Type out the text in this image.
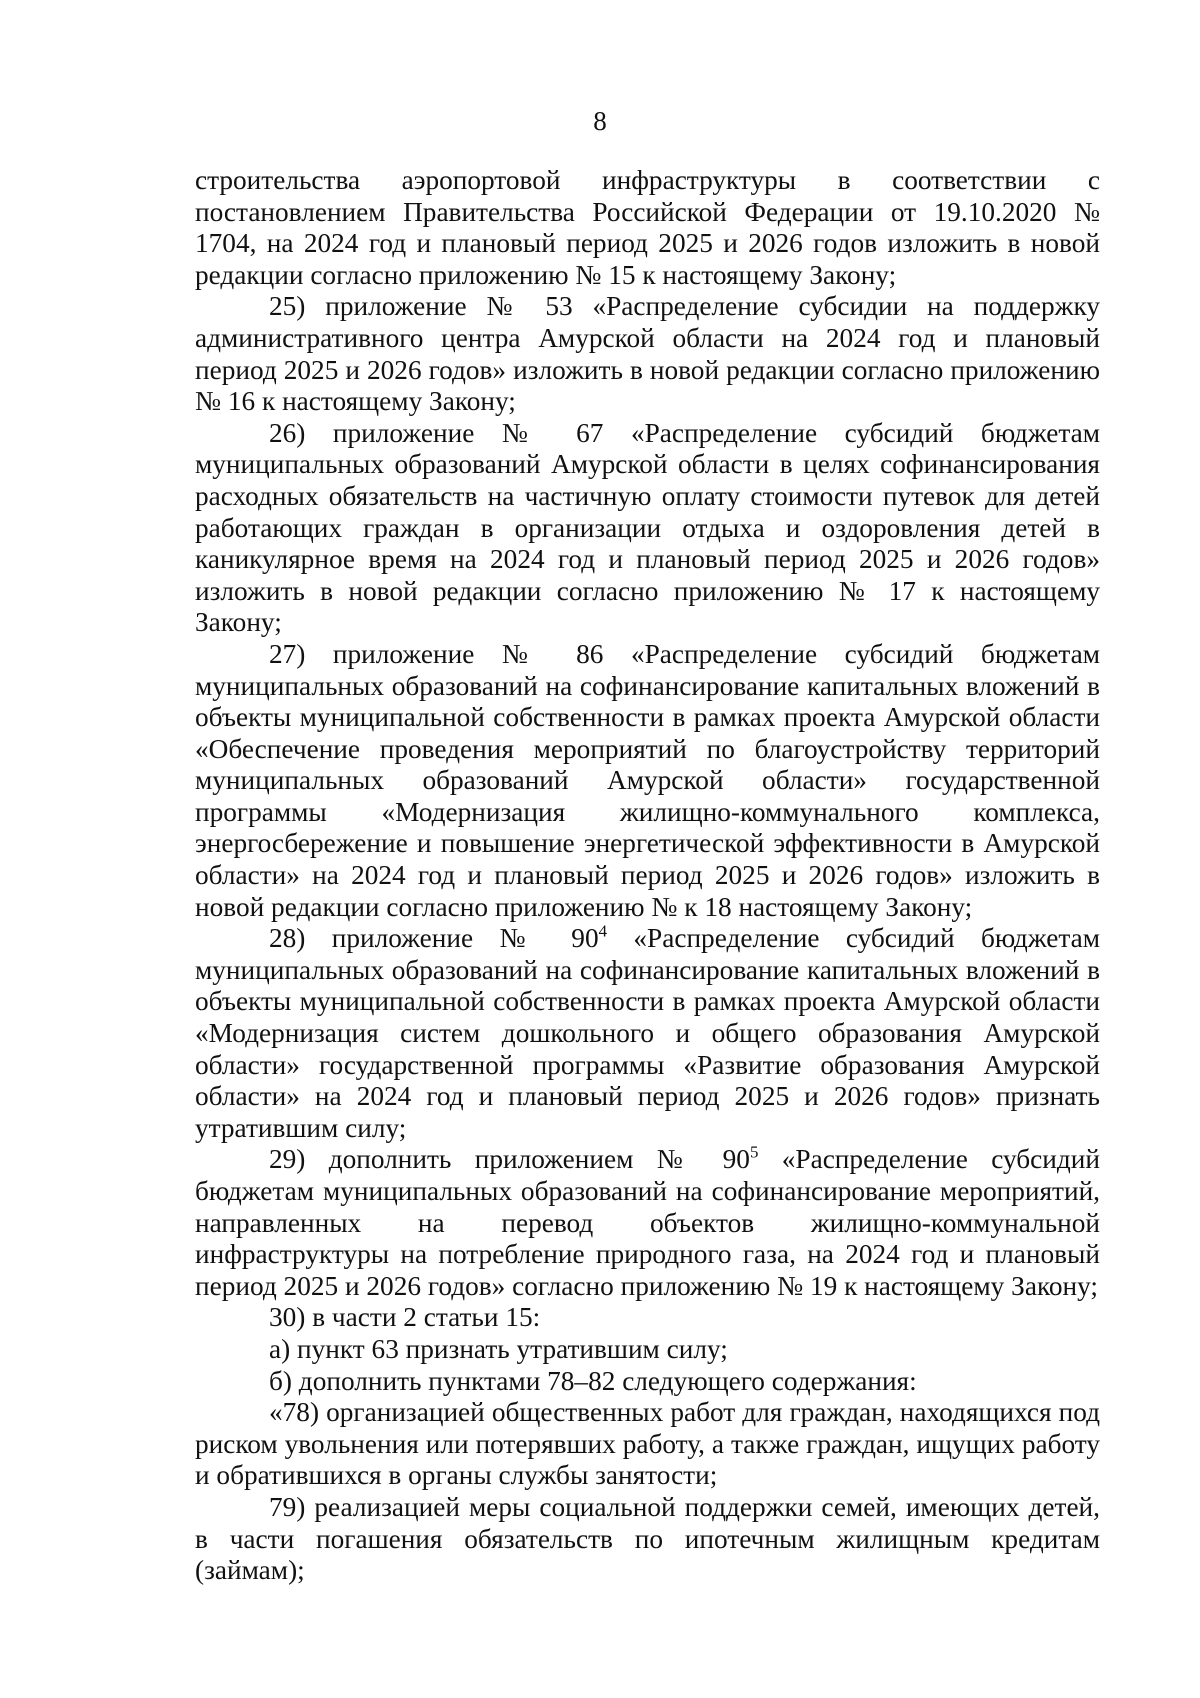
8

строительства аэропортовой инфраструктуры в соответствии с постановлением Правительства Российской Федерации от 19.10.2020 № 1704, на 2024 год и плановый период 2025 и 2026 годов изложить в новой редакции согласно приложению № 15 к настоящему Закону;

25) приложение № 53 «Распределение субсидии на поддержку административного центра Амурской области на 2024 год и плановый период 2025 и 2026 годов» изложить в новой редакции согласно приложению № 16 к настоящему Закону;

26) приложение № 67 «Распределение субсидий бюджетам муниципальных образований Амурской области в целях софинансирования расходных обязательств на частичную оплату стоимости путевок для детей работающих граждан в организации отдыха и оздоровления детей в каникулярное время на 2024 год и плановый период 2025 и 2026 годов» изложить в новой редакции согласно приложению № 17 к настоящему Закону;

27) приложение № 86 «Распределение субсидий бюджетам муниципальных образований на софинансирование капитальных вложений в объекты муниципальной собственности в рамках проекта Амурской области «Обеспечение проведения мероприятий по благоустройству территорий муниципальных образований Амурской области» государственной программы «Модернизация жилищно-коммунального комплекса, энергосбережение и повышение энергетической эффективности в Амурской области» на 2024 год и плановый период 2025 и 2026 годов» изложить в новой редакции согласно приложению № к 18 настоящему Закону;

28) приложение № $90^4$ «Распределение субсидий бюджетам муниципальных образований на софинансирование капитальных вложений в объекты муниципальной собственности в рамках проекта Амурской области «Модернизация систем дошкольного и общего образования Амурской области» государственной программы «Развитие образования Амурской области» на 2024 год и плановый период 2025 и 2026 годов» признать утратившим силу;

29) дополнить приложением № $90^5$ «Распределение субсидий бюджетам муниципальных образований на софинансирование мероприятий, направленных на перевод объектов жилищно-коммунальной инфраструктуры на потребление природного газа, на 2024 год и плановый период 2025 и 2026 годов» согласно приложению № 19 к настоящему Закону;

30) в части 2 статьи 15:

а) пункт 63 признать утратившим силу;

б) дополнить пунктами 78–82 следующего содержания:

«78) организацией общественных работ для граждан, находящихся под риском увольнения или потерявших работу, а также граждан, ищущих работу и обратившихся в органы службы занятости;

79) реализацией меры социальной поддержки семей, имеющих детей, в части погашения обязательств по ипотечным жилищным кредитам (займам);
